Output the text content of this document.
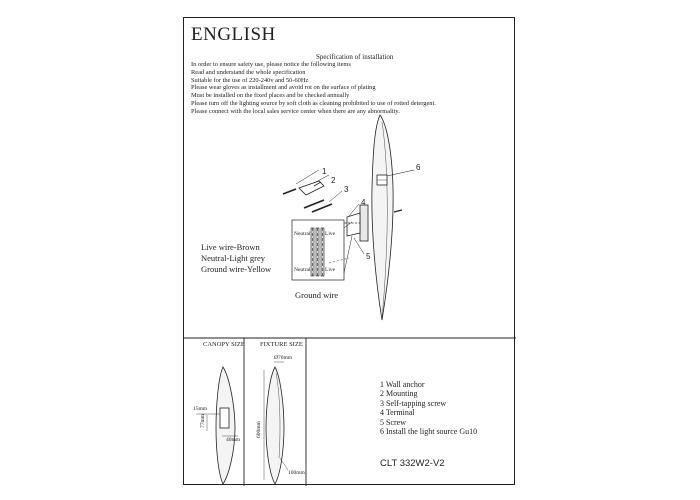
ENGLISH
Specification of installation
In order to ensure safety use, please notice the following items
Read and understand the whole specification
Suitable for the use of 220-240v and 50-60Hz
Please wear gloves as installment and avoid rot on the surface of plating
Must be installed on the fixed places and be checked annually
Please turn off the lighting source by soft cloth as cleaning prohibited to use of rotted detergent.
Please connect with the local sales service center when there are any abnormality.
1
2
3
4
5
6
Neutral	Live
Neutral	Live
Live wire-Brown
Neutral-Light grey
Ground wire-Yellow
Ground wire
CANOPY SIZE FIXTURE SIZE
15mm
77mm
40mm
Ø70mm
600mm
100mm
1 Wall anchor
2 Mounting
3 Self-tapping screw
4 Terminal
5 Screw
6 Install the light source Gu10
CLT 332W2-V2
